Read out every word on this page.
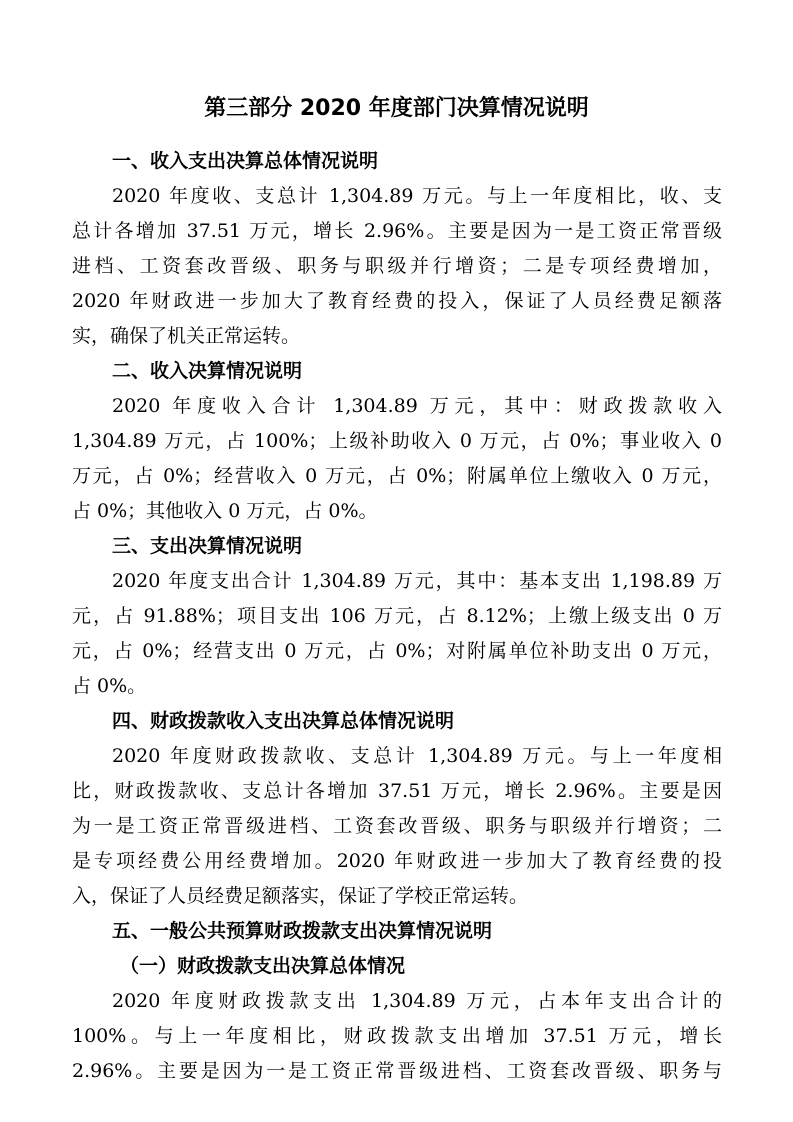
第三部分 2020 年度部门决算情况说明
一、收入支出决算总体情况说明
2020 年度收、支总计 1,304.89 万元。与上一年度相比，收、支
总计各增加 37.51 万元，增长 2.96%。主要是因为一是工资正常晋级
进档、工资套改晋级、职务与职级并行增资；二是专项经费增加，
2020 年财政进一步加大了教育经费的投入，保证了人员经费足额落
实，确保了机关正常运转。
二、收入决算情况说明
2020 年度收入合计 1,304.89 万元，其中：财政拨款收入
1,304.89 万元，占 100%；上级补助收入 0 万元，占 0%；事业收入 0
万元，占 0%；经营收入 0 万元，占 0%；附属单位上缴收入 0 万元，
占 0%；其他收入 0 万元，占 0%。
三、支出决算情况说明
2020 年度支出合计 1,304.89 万元，其中：基本支出 1,198.89 万
元，占 91.88%；项目支出 106 万元，占 8.12%；上缴上级支出 0 万
元，占 0%；经营支出 0 万元，占 0%；对附属单位补助支出 0 万元，
占 0%。
四、财政拨款收入支出决算总体情况说明
2020 年度财政拨款收、支总计 1,304.89 万元。与上一年度相
比，财政拨款收、支总计各增加 37.51 万元，增长 2.96%。主要是因
为一是工资正常晋级进档、工资套改晋级、职务与职级并行增资；二
是专项经费公用经费增加。2020 年财政进一步加大了教育经费的投
入，保证了人员经费足额落实，保证了学校正常运转。
五、一般公共预算财政拨款支出决算情况说明
（一）财政拨款支出决算总体情况
2020 年度财政拨款支出 1,304.89 万元，占本年支出合计的
100%。与上一年度相比，财政拨款支出增加 37.51 万元，增长
2.96%。主要是因为一是工资正常晋级进档、工资套改晋级、职务与
